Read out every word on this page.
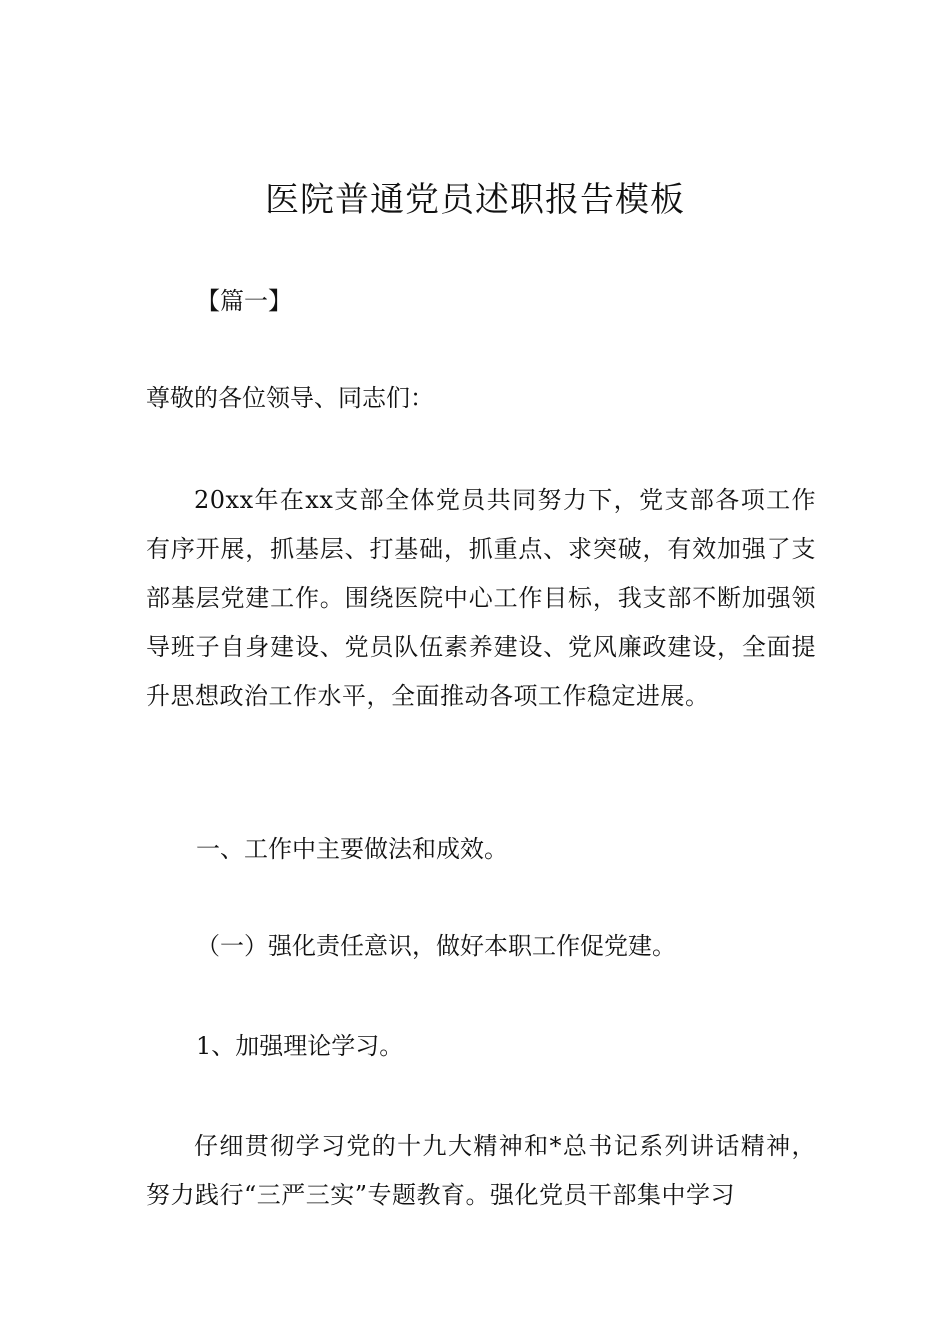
医院普通党员述职报告模板
【篇一】
尊敬的各位领导、同志们：

20xx年在xx支部全体党员共同努力下，党支部各项工作有序开展，抓基层、打基础，抓重点、求突破，有效加强了支部基层党建工作。围绕医院中心工作目标，我支部不断加强领导班子自身建设、党员队伍素养建设、党风廉政建设，全面提升思想政治工作水平，全面推动各项工作稳定进展。

一、工作中主要做法和成效。
（一）强化责任意识，做好本职工作促党建。
1、加强理论学习。

仔细贯彻学习党的十九大精神和*总书记系列讲话精神，努力践行“三严三实”专题教育。强化党员干部集中学习
